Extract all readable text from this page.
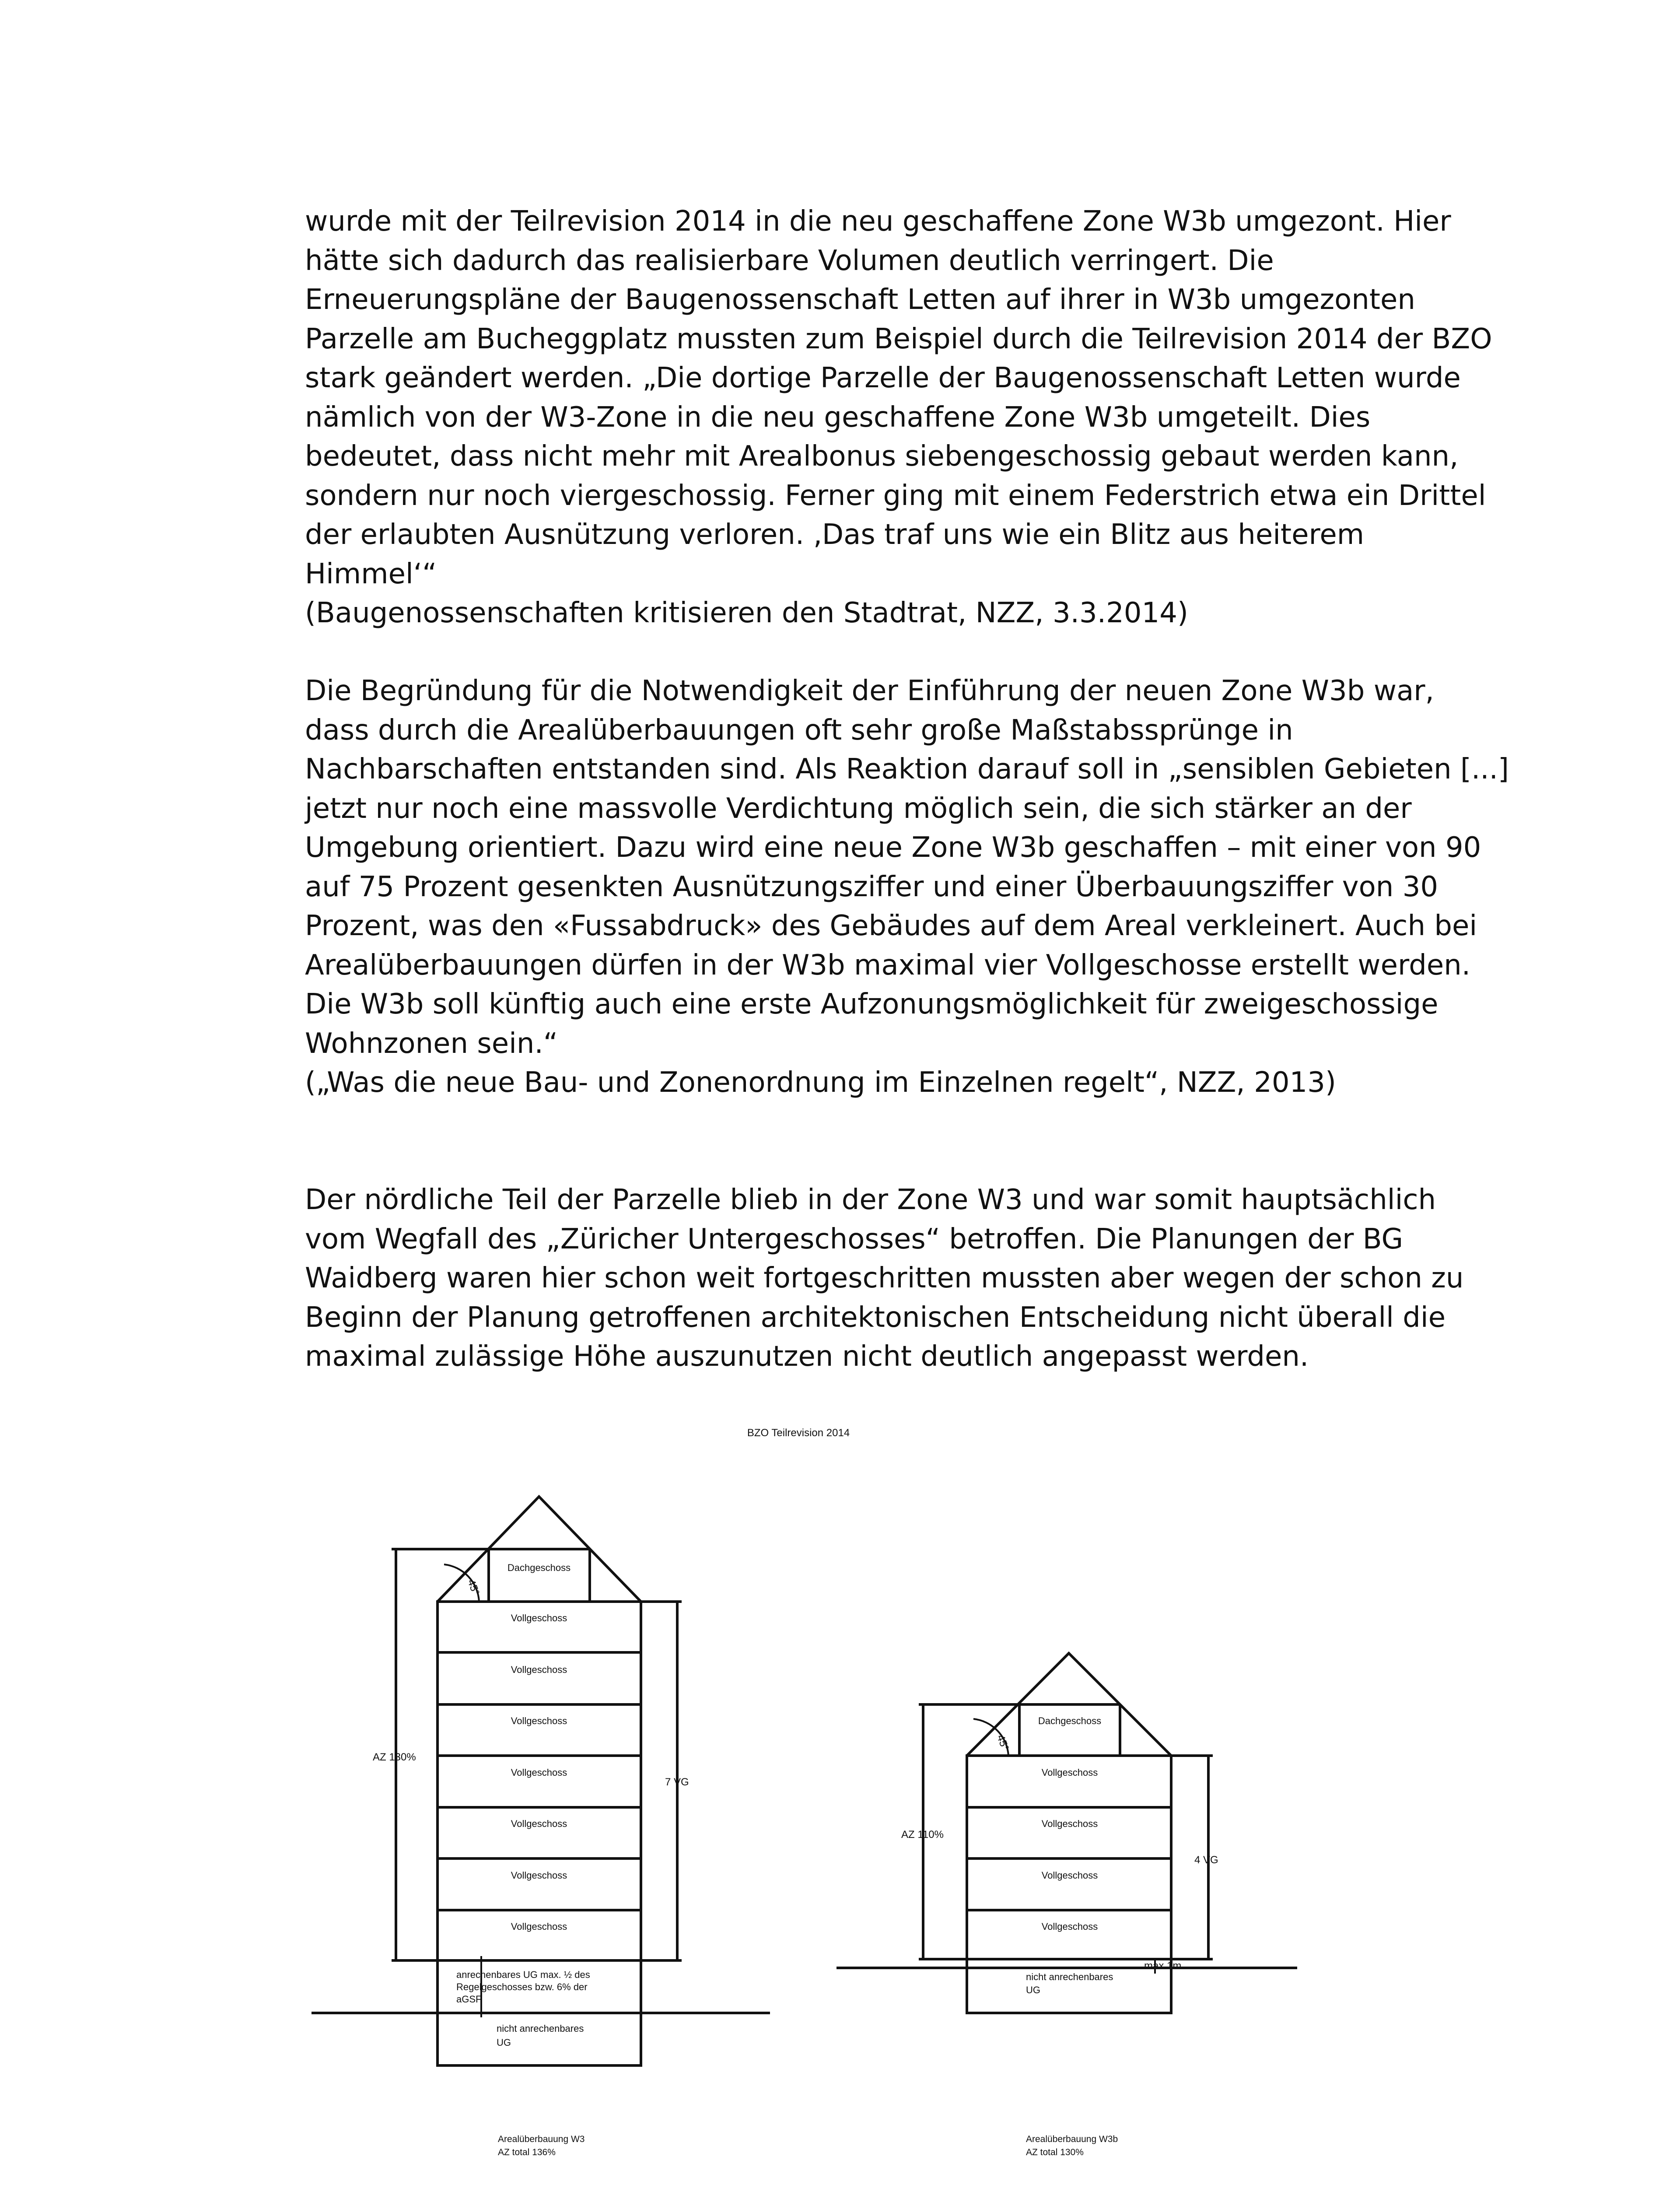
wurde mit der Teilrevision 2014 in die neu geschaffene Zone W3b umgezont. Hier
hätte sich dadurch das realisierbare Volumen deutlich verringert. Die
Erneuerungspläne der Baugenossenschaft Letten auf ihrer in W3b umgezonten
Parzelle am Bucheggplatz mussten zum Beispiel durch die Teilrevision 2014 der BZO
stark geändert werden. „Die dortige Parzelle der Baugenossenschaft Letten wurde
nämlich von der W3-Zone in die neu geschaffene Zone W3b umgeteilt. Dies
bedeutet, dass nicht mehr mit Arealbonus siebengeschossig gebaut werden kann,
sondern nur noch viergeschossig. Ferner ging mit einem Federstrich etwa ein Drittel
der erlaubten Ausnützung verloren. ‚Das traf uns wie ein Blitz aus heiterem
Himmel‘“
(Baugenossenschaften kritisieren den Stadtrat, NZZ, 3.3.2014)
Die Begründung für die Notwendigkeit der Einführung der neuen Zone W3b war,
dass durch die Arealüberbauungen oft sehr große Maßstabssprünge in
Nachbarschaften entstanden sind. Als Reaktion darauf soll in „sensiblen Gebieten [...]
jetzt nur noch eine massvolle Verdichtung möglich sein, die sich stärker an der
Umgebung orientiert. Dazu wird eine neue Zone W3b geschaffen – mit einer von 90
auf 75 Prozent gesenkten Ausnützungsziffer und einer Überbauungsziffer von 30
Prozent, was den «Fussabdruck» des Gebäudes auf dem Areal verkleinert. Auch bei
Arealüberbauungen dürfen in der W3b maximal vier Vollgeschosse erstellt werden.
Die W3b soll künftig auch eine erste Aufzonungsmöglichkeit für zweigeschossige
Wohnzonen sein.“
(„Was die neue Bau- und Zonenordnung im Einzelnen regelt“, NZZ, 2013)
Der nördliche Teil der Parzelle blieb in der Zone W3 und war somit hauptsächlich
vom Wegfall des „Züricher Untergeschosses“ betroffen. Die Planungen der BG
Waidberg waren hier schon weit fortgeschritten mussten aber wegen der schon zu
Beginn der Planung getroffenen architektonischen Entscheidung nicht überall die
maximal zulässige Höhe auszunutzen nicht deutlich angepasst werden.
BZO Teilrevision 2014
Dachgeschoss
Vollgeschoss
Vollgeschoss
Vollgeschoss
Vollgeschoss
Vollgeschoss
Vollgeschoss
Vollgeschoss
45°
AZ 130%
7 VG
anrechenbares UG max. ½ des
Regelgeschosses bzw. 6% der
aGSF
nicht anrechenbares
UG
Arealüberbauung W3
AZ total 136%
Dachgeschoss
Vollgeschoss
Vollgeschoss
Vollgeschoss
Vollgeschoss
45°
AZ 110%
4 VG
max 1m
nicht anrechenbares
UG
Arealüberbauung W3b
AZ total 130%
